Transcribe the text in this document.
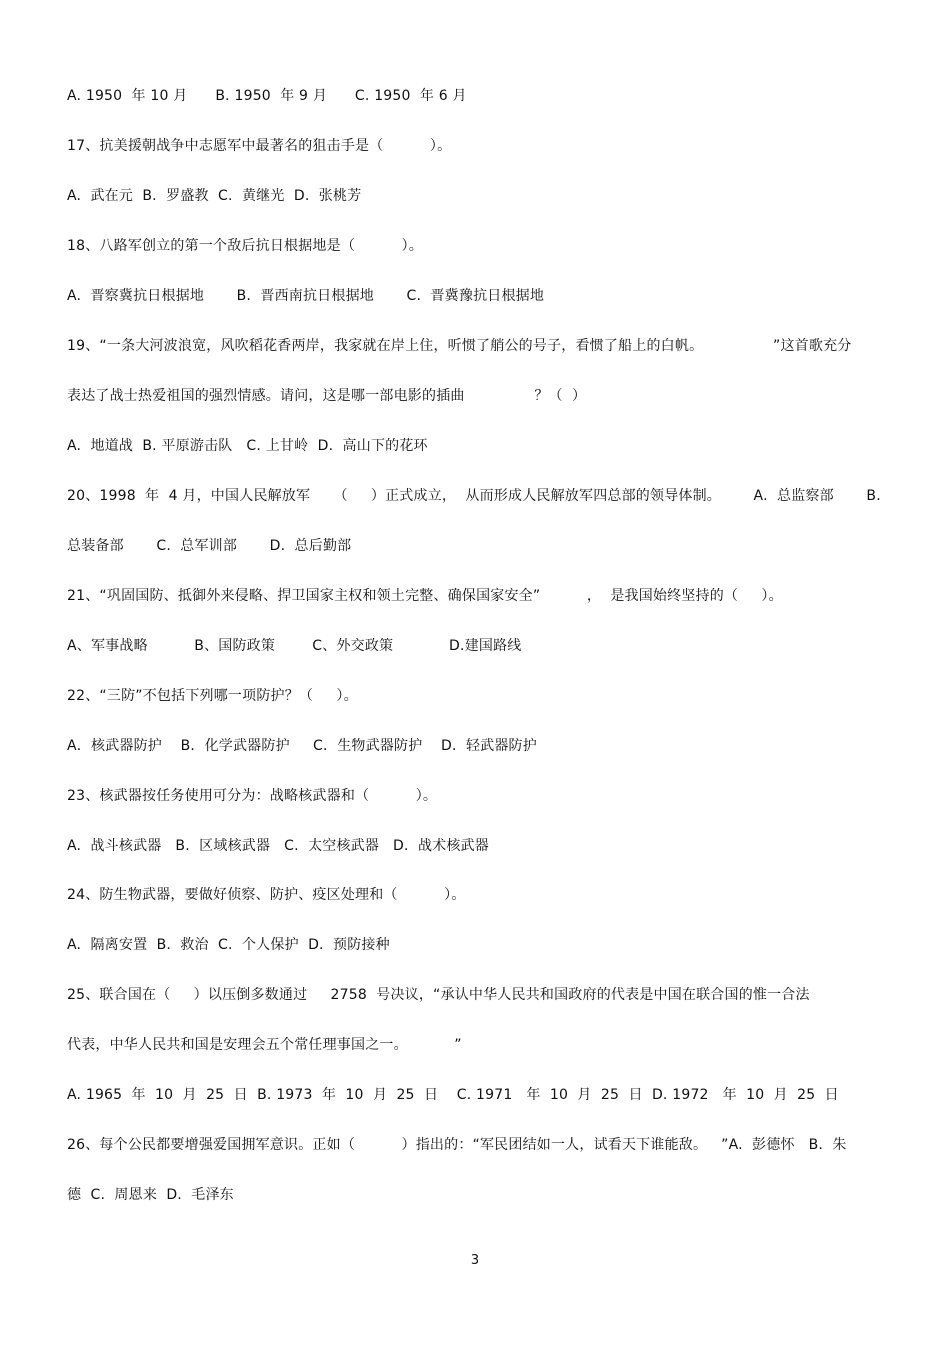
A. 1950  年 10 月      B. 1950  年 9 月      C. 1950  年 6 月
17、抗美援朝战争中志愿军中最著名的狙击手是（          ）。
A.  武在元  B.  罗盛教  C.  黄继光  D.  张桃芳
18、八路军创立的第一个敌后抗日根据地是（          ）。
A.  晋察冀抗日根据地       B.  晋西南抗日根据地       C.  晋冀豫抗日根据地
19、“一条大河波浪宽，风吹稻花香两岸，我家就在岸上住，听惯了艄公的号子，看惯了船上的白帆。               ”这首歌充分
表达了战士热爱祖国的强烈情感。请问，这是哪一部电影的插曲               ？（  ）
A.  地道战  B. 平原游击队   C. 上甘岭  D.  高山下的花环
20、1998  年  4 月，中国人民解放军     （     ）正式成立，  从而形成人民解放军四总部的领导体制。       A.  总监察部       B.
总装备部       C.  总军训部       D.  总后勤部
21、“巩固国防、抵御外来侵略、捍卫国家主权和领土完整、确保国家安全”          ，  是我国始终坚持的（     ）。
A、军事战略          B、国防政策        C、外交政策            D.建国路线
22、“三防”不包括下列哪一项防护？（     ）。
A．核武器防护    B．化学武器防护     C．生物武器防护    D.  轻武器防护
23、核武器按任务使用可分为：战略核武器和（          ）。
A.  战斗核武器   B.  区域核武器   C.  太空核武器   D.  战术核武器
24、防生物武器，要做好侦察、防护、疫区处理和（          ）。
A.  隔离安置  B.  救治  C.  个人保护  D.  预防接种
25、联合国在（     ）以压倒多数通过     2758  号决议，“承认中华人民共和国政府的代表是中国在联合国的惟一合法
代表，中华人民共和国是安理会五个常任理事国之一。          ”
A. 1965  年  10  月  25  日  B. 1973  年  10  月  25  日    C. 1971   年  10  月  25  日  D. 1972   年  10  月  25  日
26、每个公民都要增强爱国拥军意识。正如（          ）指出的：“军民团结如一人，试看天下谁能敌。   ”A.  彭德怀   B.  朱
德  C.  周恩来  D.  毛泽东
3
